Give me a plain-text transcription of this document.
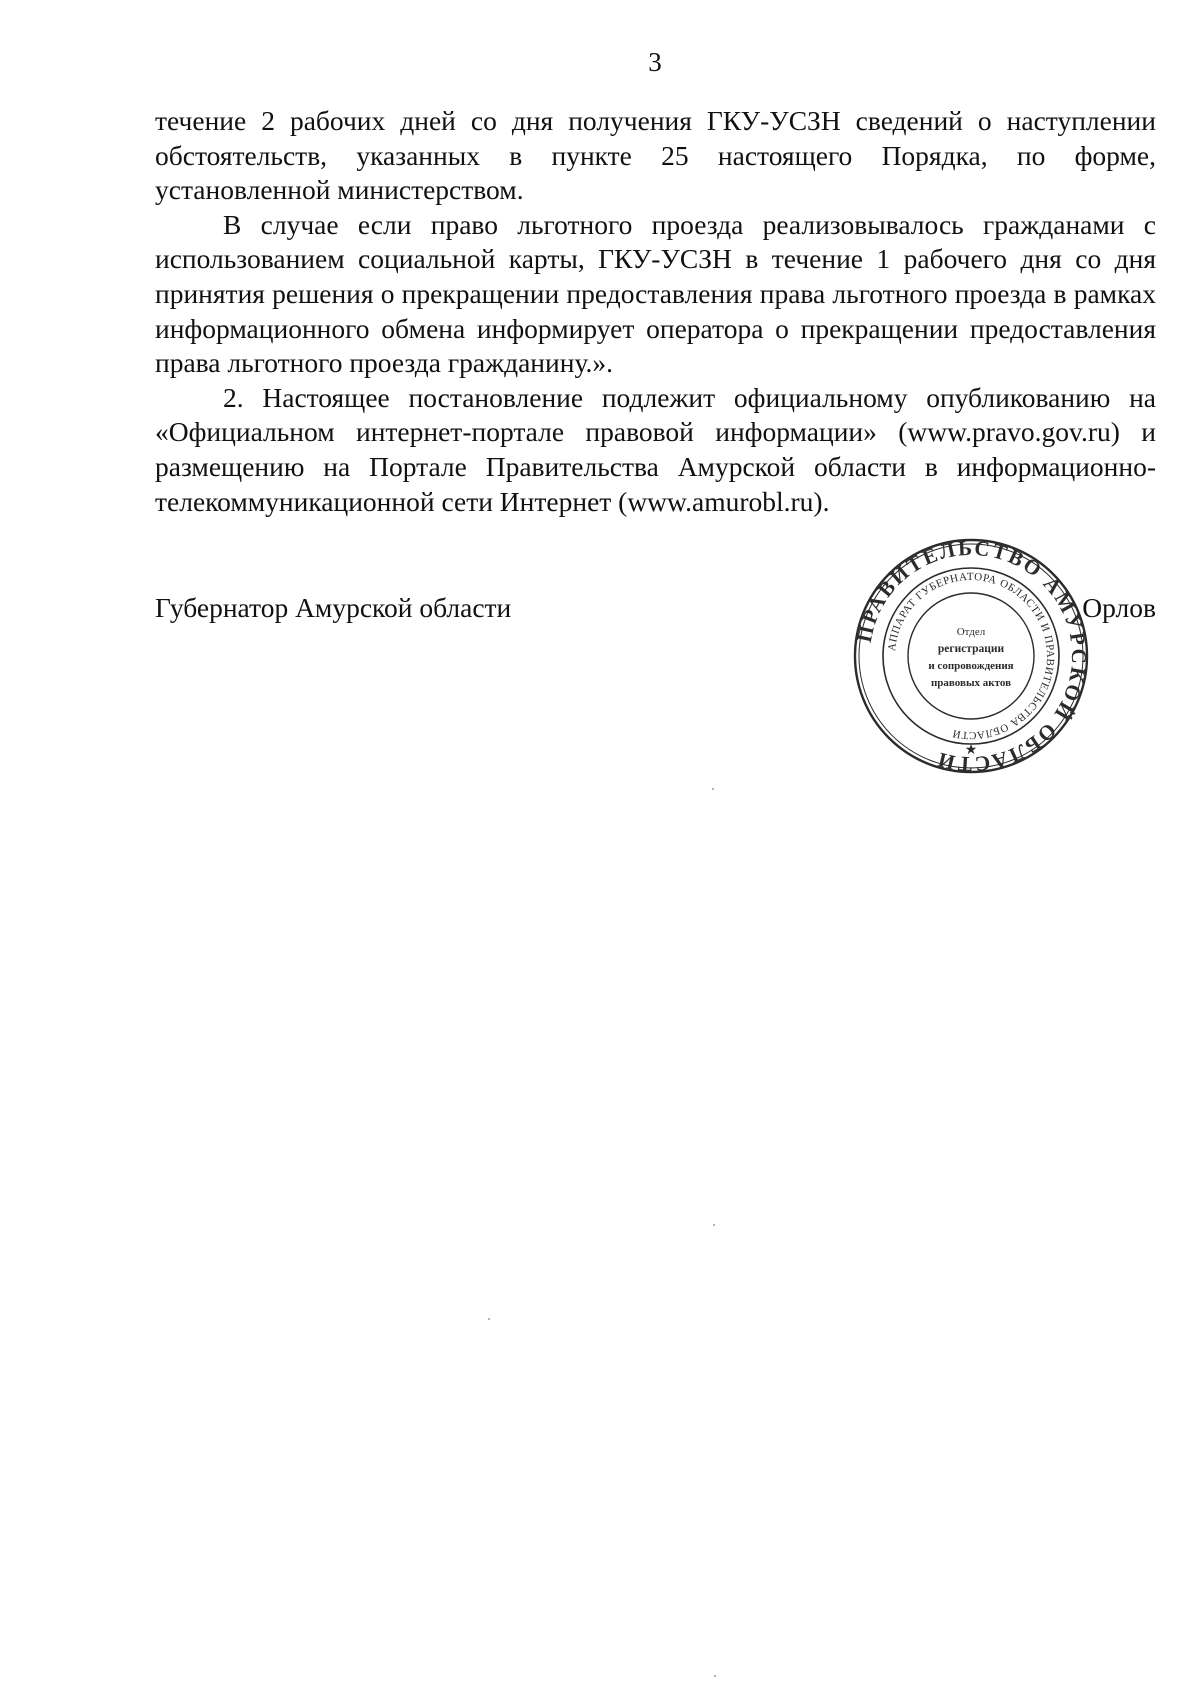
3

течение 2 рабочих дней со дня получения ГКУ-УСЗН сведений о наступлении обстоятельств, указанных в пункте 25 настоящего Порядка, по форме, установленной министерством.

В случае если право льготного проезда реализовывалось гражданами с использованием социальной карты, ГКУ-УСЗН в течение 1 рабочего дня со дня принятия решения о прекращении предоставления права льготного проезда в рамках информационного обмена информирует оператора о прекращении предоставления права льготного проезда гражданину.».

2. Настоящее постановление подлежит официальному опубликованию на «Официальном интернет-портале правовой информации» (www.pravo.gov.ru) и размещению на Портале Правительства Амурской области в информационно-телекоммуникационной сети Интернет (www.amurobl.ru).

Губернатор Амурской области
ПРАВИТЕЛЬСТВО АМУРСКОЙ ОБЛАСТИ
АППАРАТ ГУБЕРНАТОРА ОБЛАСТИ И ПРАВИТЕЛЬСТВА ОБЛАСТИ
Отдел
регистрации
и сопровождения
правовых актов
★
Орлов
